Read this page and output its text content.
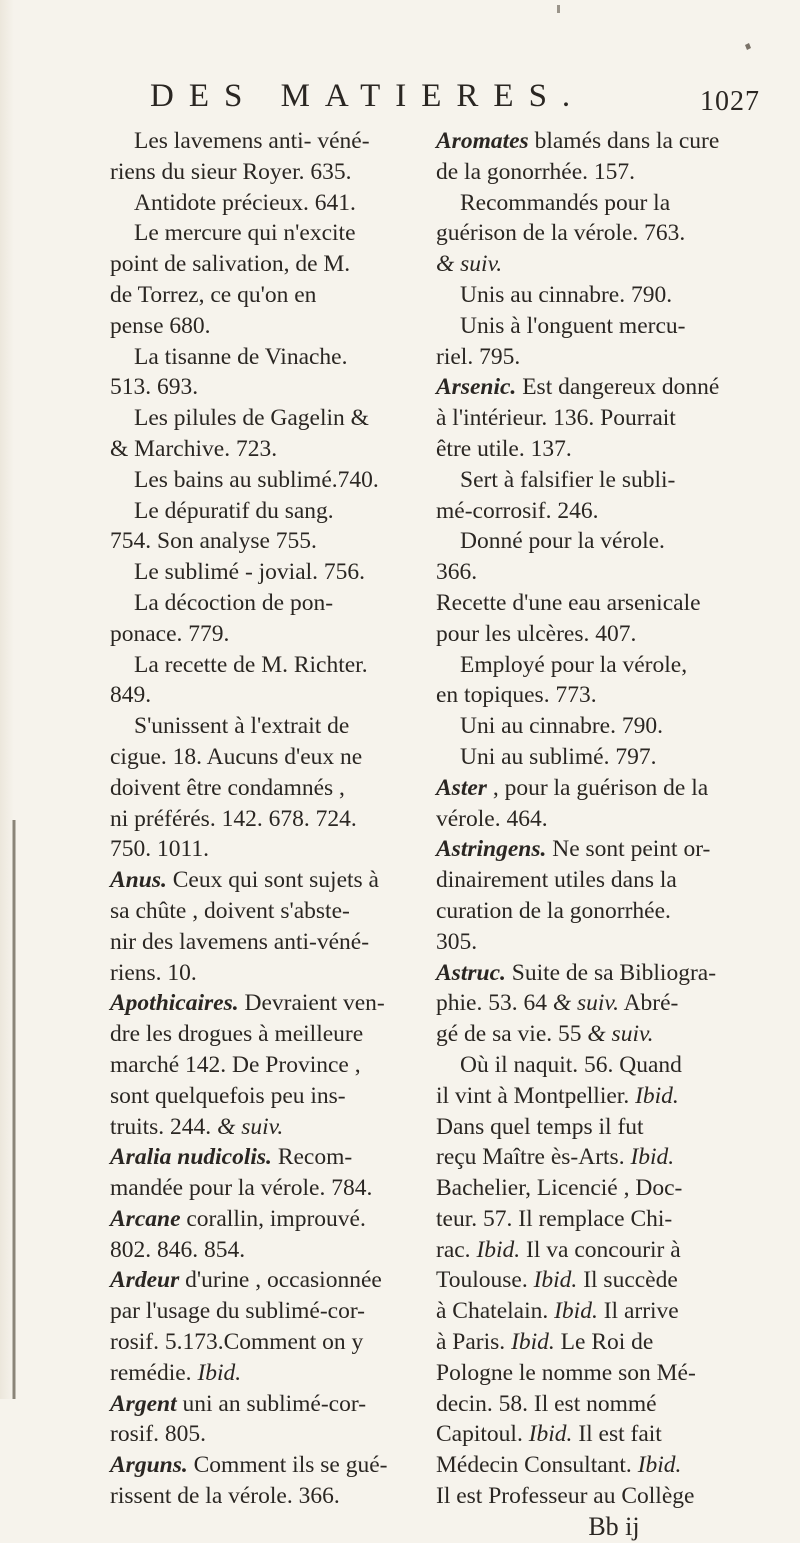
DES MATIERES.	1027
Les lavemens anti- véné-
riens du sieur Royer. 635.
Antidote précieux. 641.
Le mercure qui n'excite
point de salivation, de M.
de Torrez, ce qu'on en
pense 680.
La tisanne de Vinache.
513. 693.
Les pilules de Gagelin &
& Marchive. 723.
Les bains au sublimé.740.
Le dépuratif du sang.
754. Son analyse 755.
Le sublimé - jovial. 756.
La décoction de pon-
ponace. 779.
La recette de M. Richter.
849.
S'unissent à l'extrait de
cigue. 18. Aucuns d'eux ne
doivent être condamnés ,
ni préférés. 142. 678. 724.
750. 1011.
Anus. Ceux qui sont sujets à
sa chûte , doivent s'abste-
nir des lavemens anti-véné-
riens. 10.
Apothicaires. Devraient ven-
dre les drogues à meilleure
marché 142. De Province ,
sont quelquefois peu ins-
truits. 244. & suiv.
Aralia nudicolis. Recom-
mandée pour la vérole. 784.
Arcane corallin, improuvé.
802. 846. 854.
Ardeur d'urine , occasionnée
par l'usage du sublimé-cor-
rosif. 5.173.Comment on y
remédie. Ibid.
Argent uni an sublimé-cor-
rosif. 805.
Arguns. Comment ils se gué-
rissent de la vérole. 366.
Aromates blamés dans la cure
de la gonorrhée. 157.
Recommandés pour la
guérison de la vérole. 763.
& suiv.
Unis au cinnabre. 790.
Unis à l'onguent mercu-
riel. 795.
Arsenic. Est dangereux donné
à l'intérieur. 136. Pourrait
être utile. 137.
Sert à falsifier le subli-
mé-corrosif. 246.
Donné pour la vérole.
366.
Recette d'une eau arsenicale
pour les ulcères. 407.
Employé pour la vérole,
en topiques. 773.
Uni au cinnabre. 790.
Uni au sublimé. 797.
Aster , pour la guérison de la
vérole. 464.
Astringens. Ne sont peint or-
dinairement utiles dans la
curation de la gonorrhée.
305.
Astruc. Suite de sa Bibliogra-
phie. 53. 64 & suiv. Abré-
gé de sa vie. 55 & suiv.
Où il naquit. 56. Quand
il vint à Montpellier. Ibid.
Dans quel temps il fut
reçu Maître ès-Arts. Ibid.
Bachelier, Licencié , Doc-
teur. 57. Il remplace Chi-
rac. Ibid. Il va concourir à
Toulouse. Ibid. Il succède
à Chatelain. Ibid. Il arrive
à Paris. Ibid. Le Roi de
Pologne le nomme son Mé-
decin. 58. Il est nommé
Capitoul. Ibid. Il est fait
Médecin Consultant. Ibid.
Il est Professeur au Collège
Bb ij
